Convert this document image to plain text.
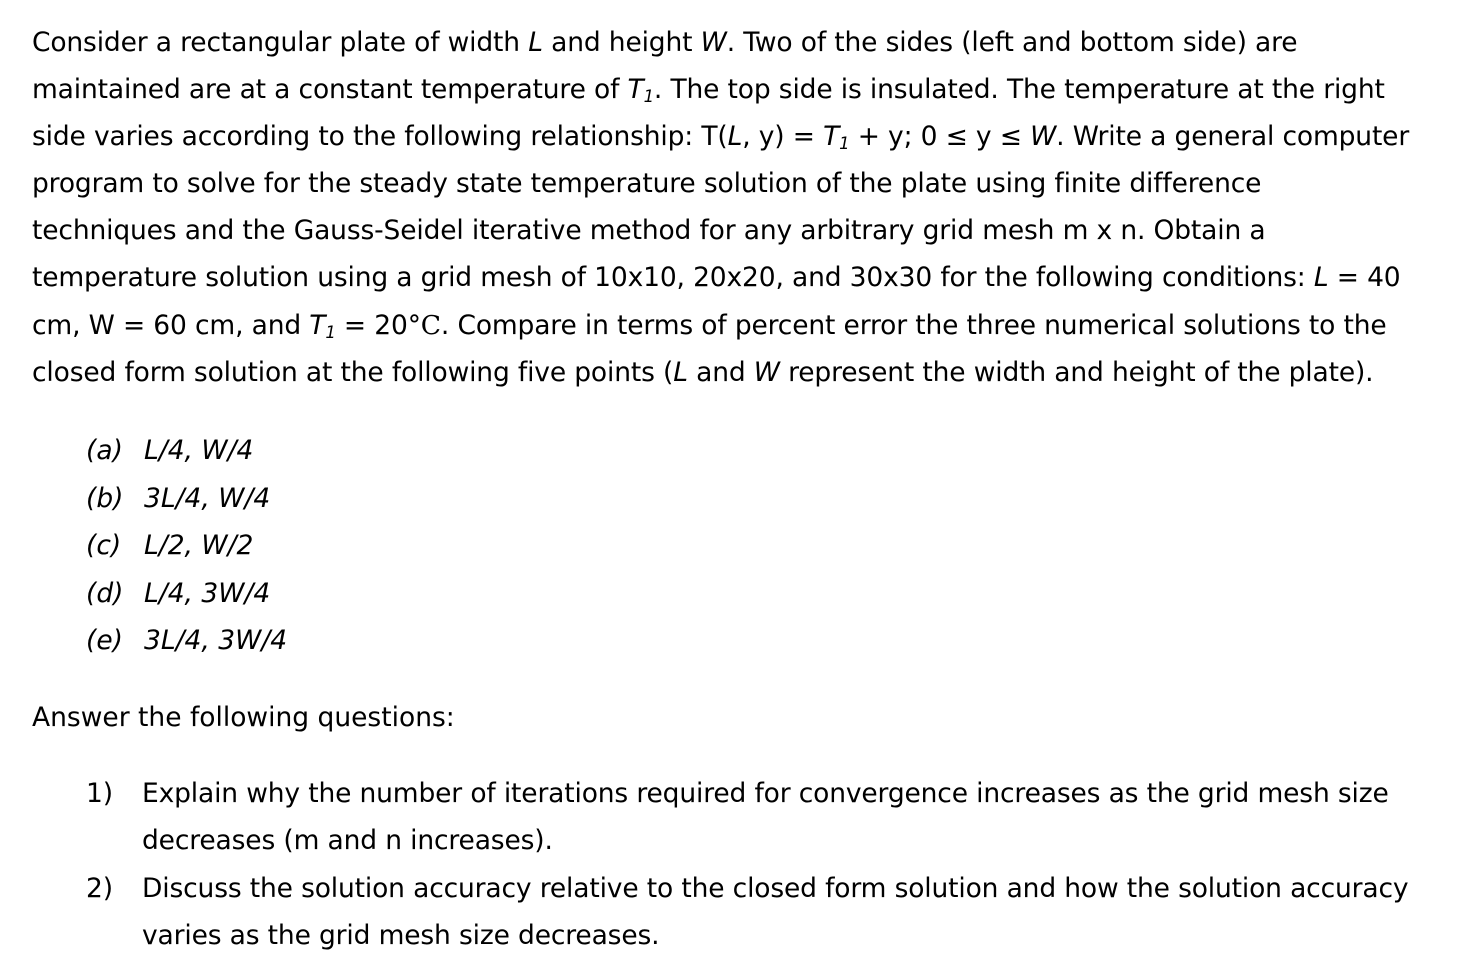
Consider a rectangular plate of width L and height W. Two of the sides (left and bottom side) are
maintained are at a constant temperature of $T_1$. The top side is insulated. The temperature at the right
side varies according to the following relationship: T(L, $y) = T_1 + y$; 0 ≤ y ≤ W. Write a general computer
program to solve for the steady state temperature solution of the plate using finite difference
techniques and the Gauss-Seidel iterative method for any arbitrary grid mesh m x n. Obtain a
temperature solution using a grid mesh of 10x10, 20x20, and 30x30 for the following conditions: L = 40
cm, W = 60 cm, and $T_1 = 20^\circ C$. Compare in terms of percent error the three numerical solutions to the
closed form solution at the following five points (L and W represent the width and height of the plate).

(a) L/4, W/4
(b) 3L/4, W/4
(c) L/2, W/2
(d) L/4, 3W/4
(e) 3L/4, 3W/4

Answer the following questions:

1)	Explain why the number of iterations required for convergence increases as the grid mesh size
decreases (m and n increases).
2)	Discuss the solution accuracy relative to the closed form solution and how the solution accuracy
varies as the grid mesh size decreases.
